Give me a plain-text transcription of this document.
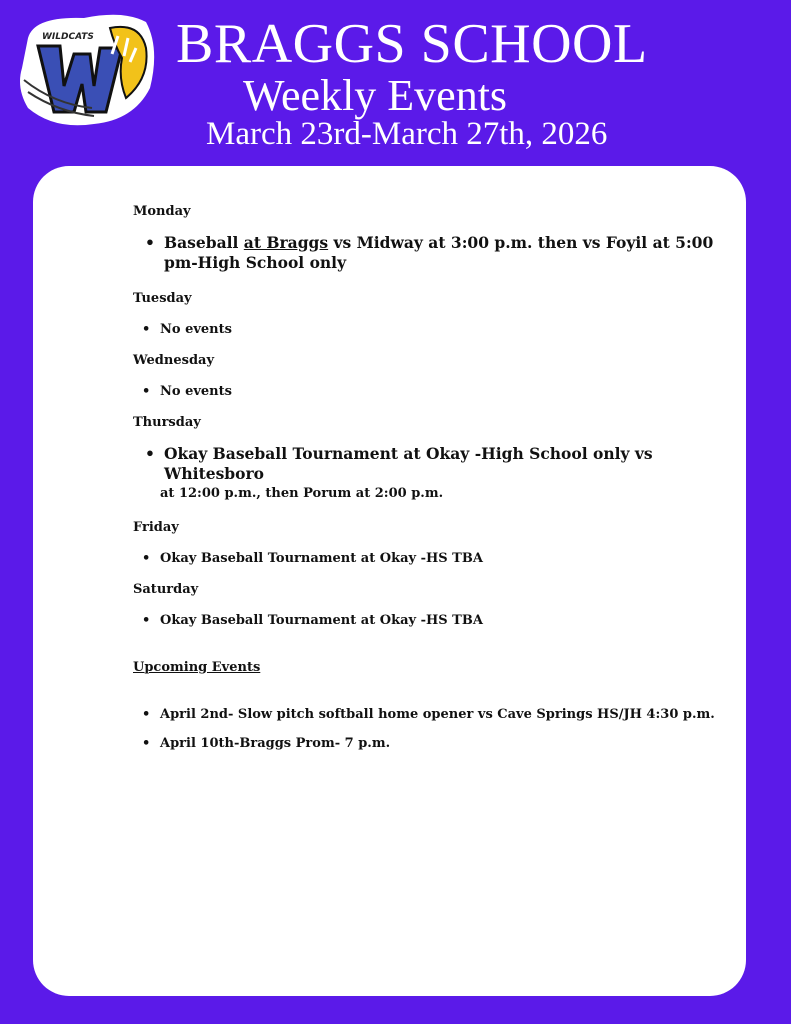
WILDCATS BRAGGS SCHOOL
Weekly Events
March 23rd-March 27th, 2026

Monday

• Baseball at Braggs vs Midway at 3:00 p.m. then vs Foyil at 5:00 pm-High School only

Tuesday

• No events

Wednesday

• No events

Thursday

• Okay Baseball Tournament at Okay -High School only vs Whitesboro
at 12:00 p.m., then Porum at 2:00 p.m.

Friday

• Okay Baseball Tournament at Okay -HS TBA

Saturday

• Okay Baseball Tournament at Okay -HS TBA

Upcoming Events

• April 2nd- Slow pitch softball home opener vs Cave Springs HS/JH 4:30 p.m.
• April 10th-Braggs Prom- 7 p.m.
